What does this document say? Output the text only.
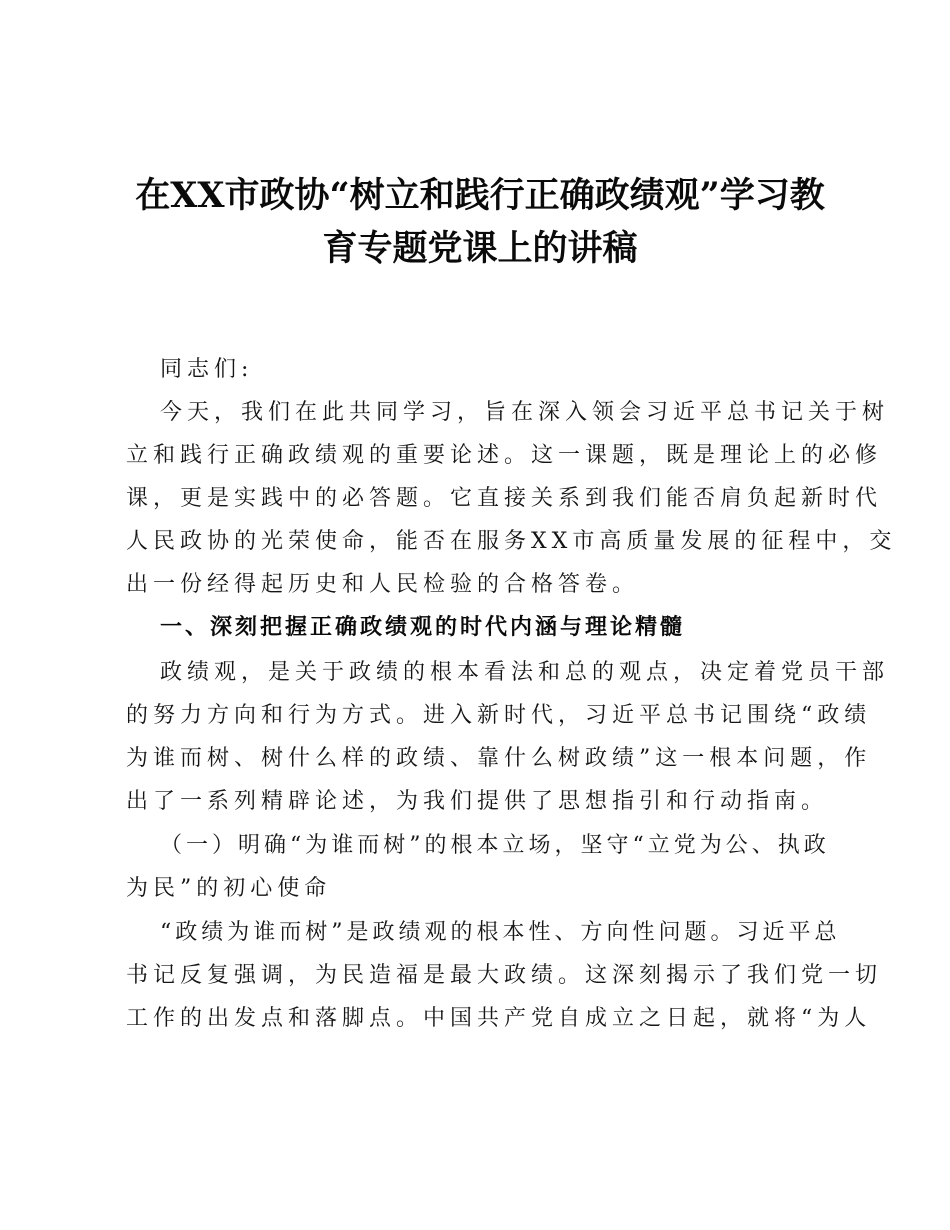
在XX市政协“树立和践行正确政绩观”学习教
育专题党课上的讲稿

同志们:

今天，我们在此共同学习，旨在深入领会习近平总书记关于树

立和践行正确政绩观的重要论述。这一课题，既是理论上的必修

课，更是实践中的必答题。它直接关系到我们能否肩负起新时代

人民政协的光荣使命，能否在服务XX市高质量发展的征程中，交

出一份经得起历史和人民检验的合格答卷。

一、深刻把握正确政绩观的时代内涵与理论精髓

政绩观，是关于政绩的根本看法和总的观点，决定着党员干部

的努力方向和行为方式。进入新时代，习近平总书记围绕“政绩

为谁而树、树什么样的政绩、靠什么树政绩”这一根本问题，作

出了一系列精辟论述，为我们提供了思想指引和行动指南。

（一）明确“为谁而树”的根本立场，坚守“立党为公、执政

为民”的初心使命

“政绩为谁而树”是政绩观的根本性、方向性问题。习近平总

书记反复强调，为民造福是最大政绩。这深刻揭示了我们党一切

工作的出发点和落脚点。中国共产党自成立之日起，就将“为人
